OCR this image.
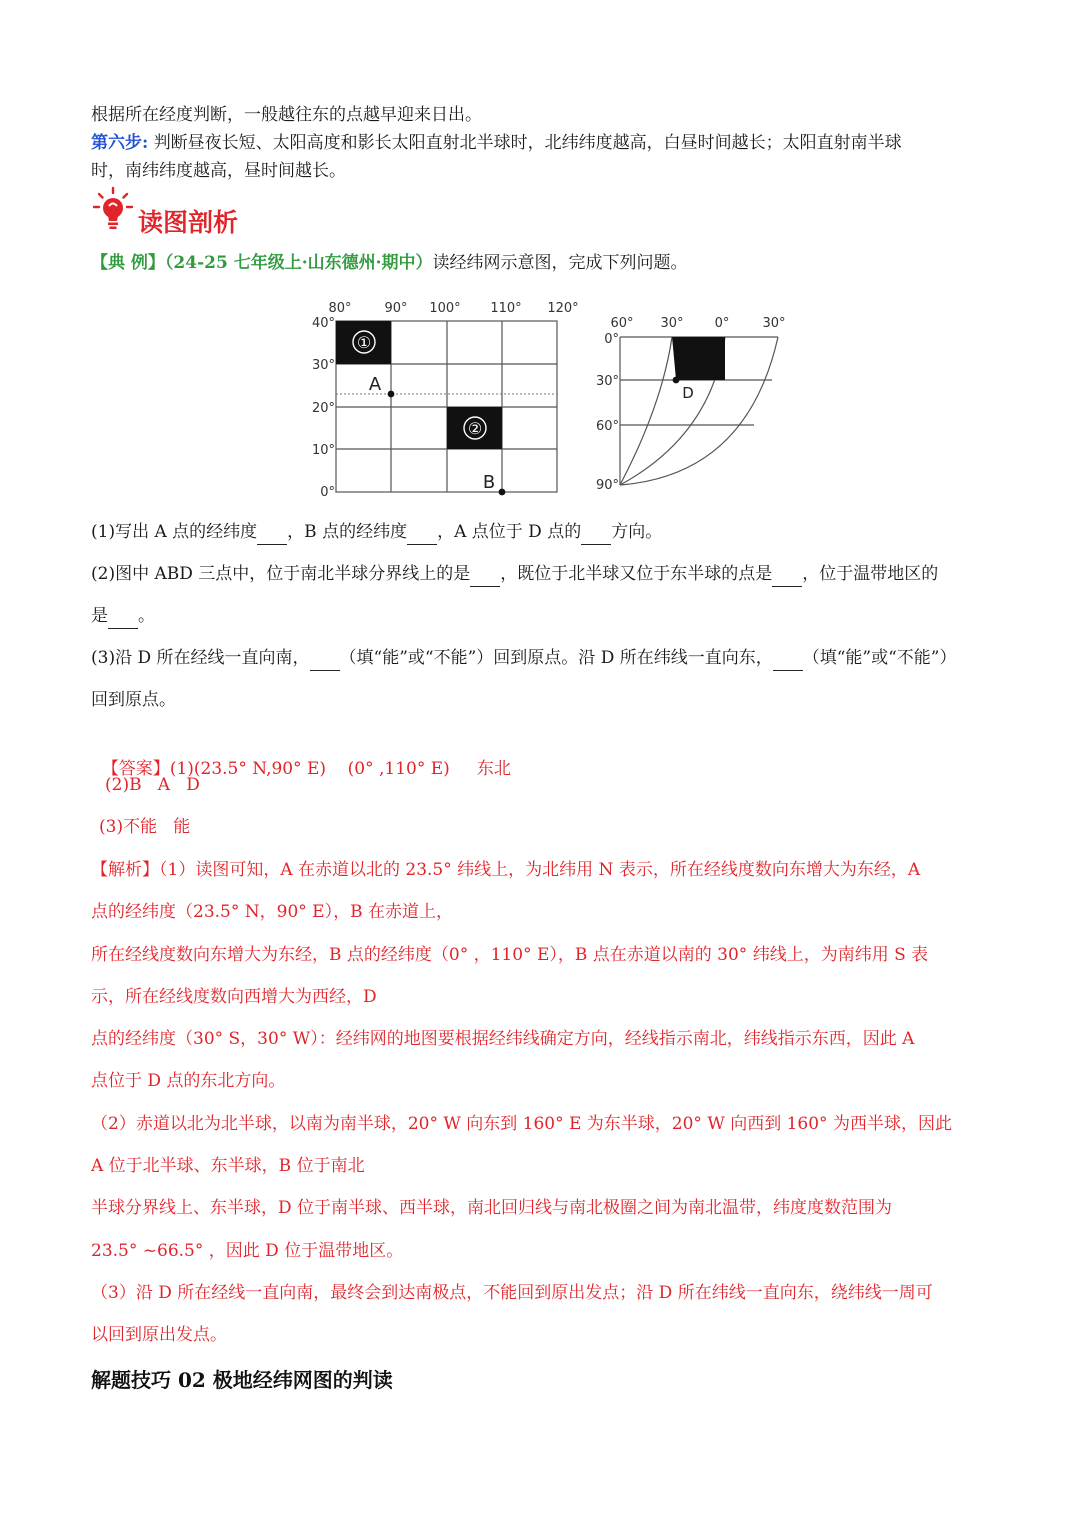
根据所在经度判断，一般越往东的点越早迎来日出。
第六步: 判断昼夜长短、太阳高度和影长太阳直射北半球时，北纬纬度越高，白昼时间越长；太阳直射南半球
时，南纬纬度越高，昼时间越长。
读图剖析
【典 例】（24-25 七年级上·山东德州·期中）读经纬网示意图，完成下列问题。
①
②
A
B
80°	90° 100° 110° 120°
40°
30°
20°
10°
0°
D
60° 30° 0°	30°
0°
30°
60°
90°
(1)写出 A 点的经纬度 ，B 点的经纬度 ，A 点位于 D 点的 方向。
(2)图中 ABD 三点中，位于南北半球分界线上的是 ，既位于北半球又位于东半球的点是 ，位于温带地区的
是 。
(3)沿 D 所在经线一直向南， （填“能”或“不能”）回到原点。沿 D 所在纬线一直向东， （填“能”或“不能”）
回到原点。

【答案】(1)(23.5° N,90° E)    (0° ,110° E)     东北

(2)B   A   D
(3)不能   能
【解析】（1）读图可知，A 在赤道以北的 23.5° 纬线上，为北纬用 N 表示，所在经线度数向东增大为东经，A
点的经纬度（23.5° N，90° E），B 在赤道上，
所在经线度数向东增大为东经，B 点的经纬度（0° ，110° E），B 点在赤道以南的 30° 纬线上，为南纬用 S 表
示，所在经线度数向西增大为西经，D
点的经纬度（30° S，30° W）：经纬网的地图要根据经纬线确定方向，经线指示南北，纬线指示东西，因此 A
点位于 D 点的东北方向。
（2）赤道以北为北半球，以南为南半球，20° W 向东到 160° E 为东半球，20° W 向西到 160° 为西半球，因此
A 位于北半球、东半球，B 位于南北
半球分界线上、东半球，D 位于南半球、西半球，南北回归线与南北极圈之间为南北温带，纬度度数范围为
23.5° ~66.5° ，因此 D 位于温带地区。
（3）沿 D 所在经线一直向南，最终会到达南极点，不能回到原出发点；沿 D 所在纬线一直向东，绕纬线一周可
以回到原出发点。
解题技巧 02 极地经纬网图的判读
